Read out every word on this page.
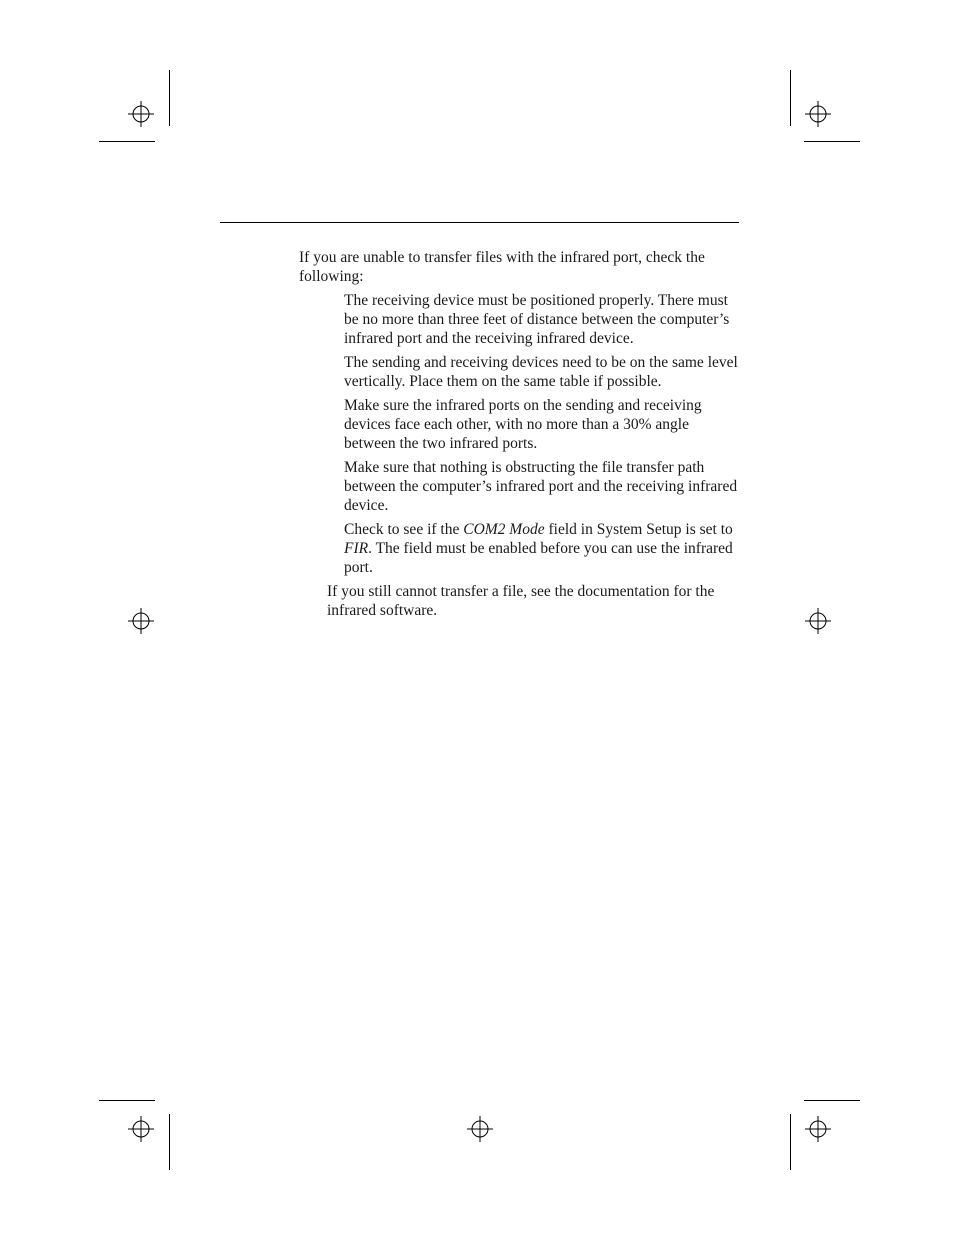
If you are unable to transfer files with the infrared port, check the following:

The receiving device must be positioned properly. There must be no more than three feet of distance between the computer’s infrared port and the receiving infrared device.
The sending and receiving devices need to be on the same level vertically. Place them on the same table if possible.
Make sure the infrared ports on the sending and receiving devices face each other, with no more than a 30% angle between the two infrared ports.
Make sure that nothing is obstructing the file transfer path between the computer’s infrared port and the receiving infrared device.
Check to see if the COM2 Mode field in System Setup is set to FIR. The field must be enabled before you can use the infrared port.

If you still cannot transfer a file, see the documentation for the infrared software.
